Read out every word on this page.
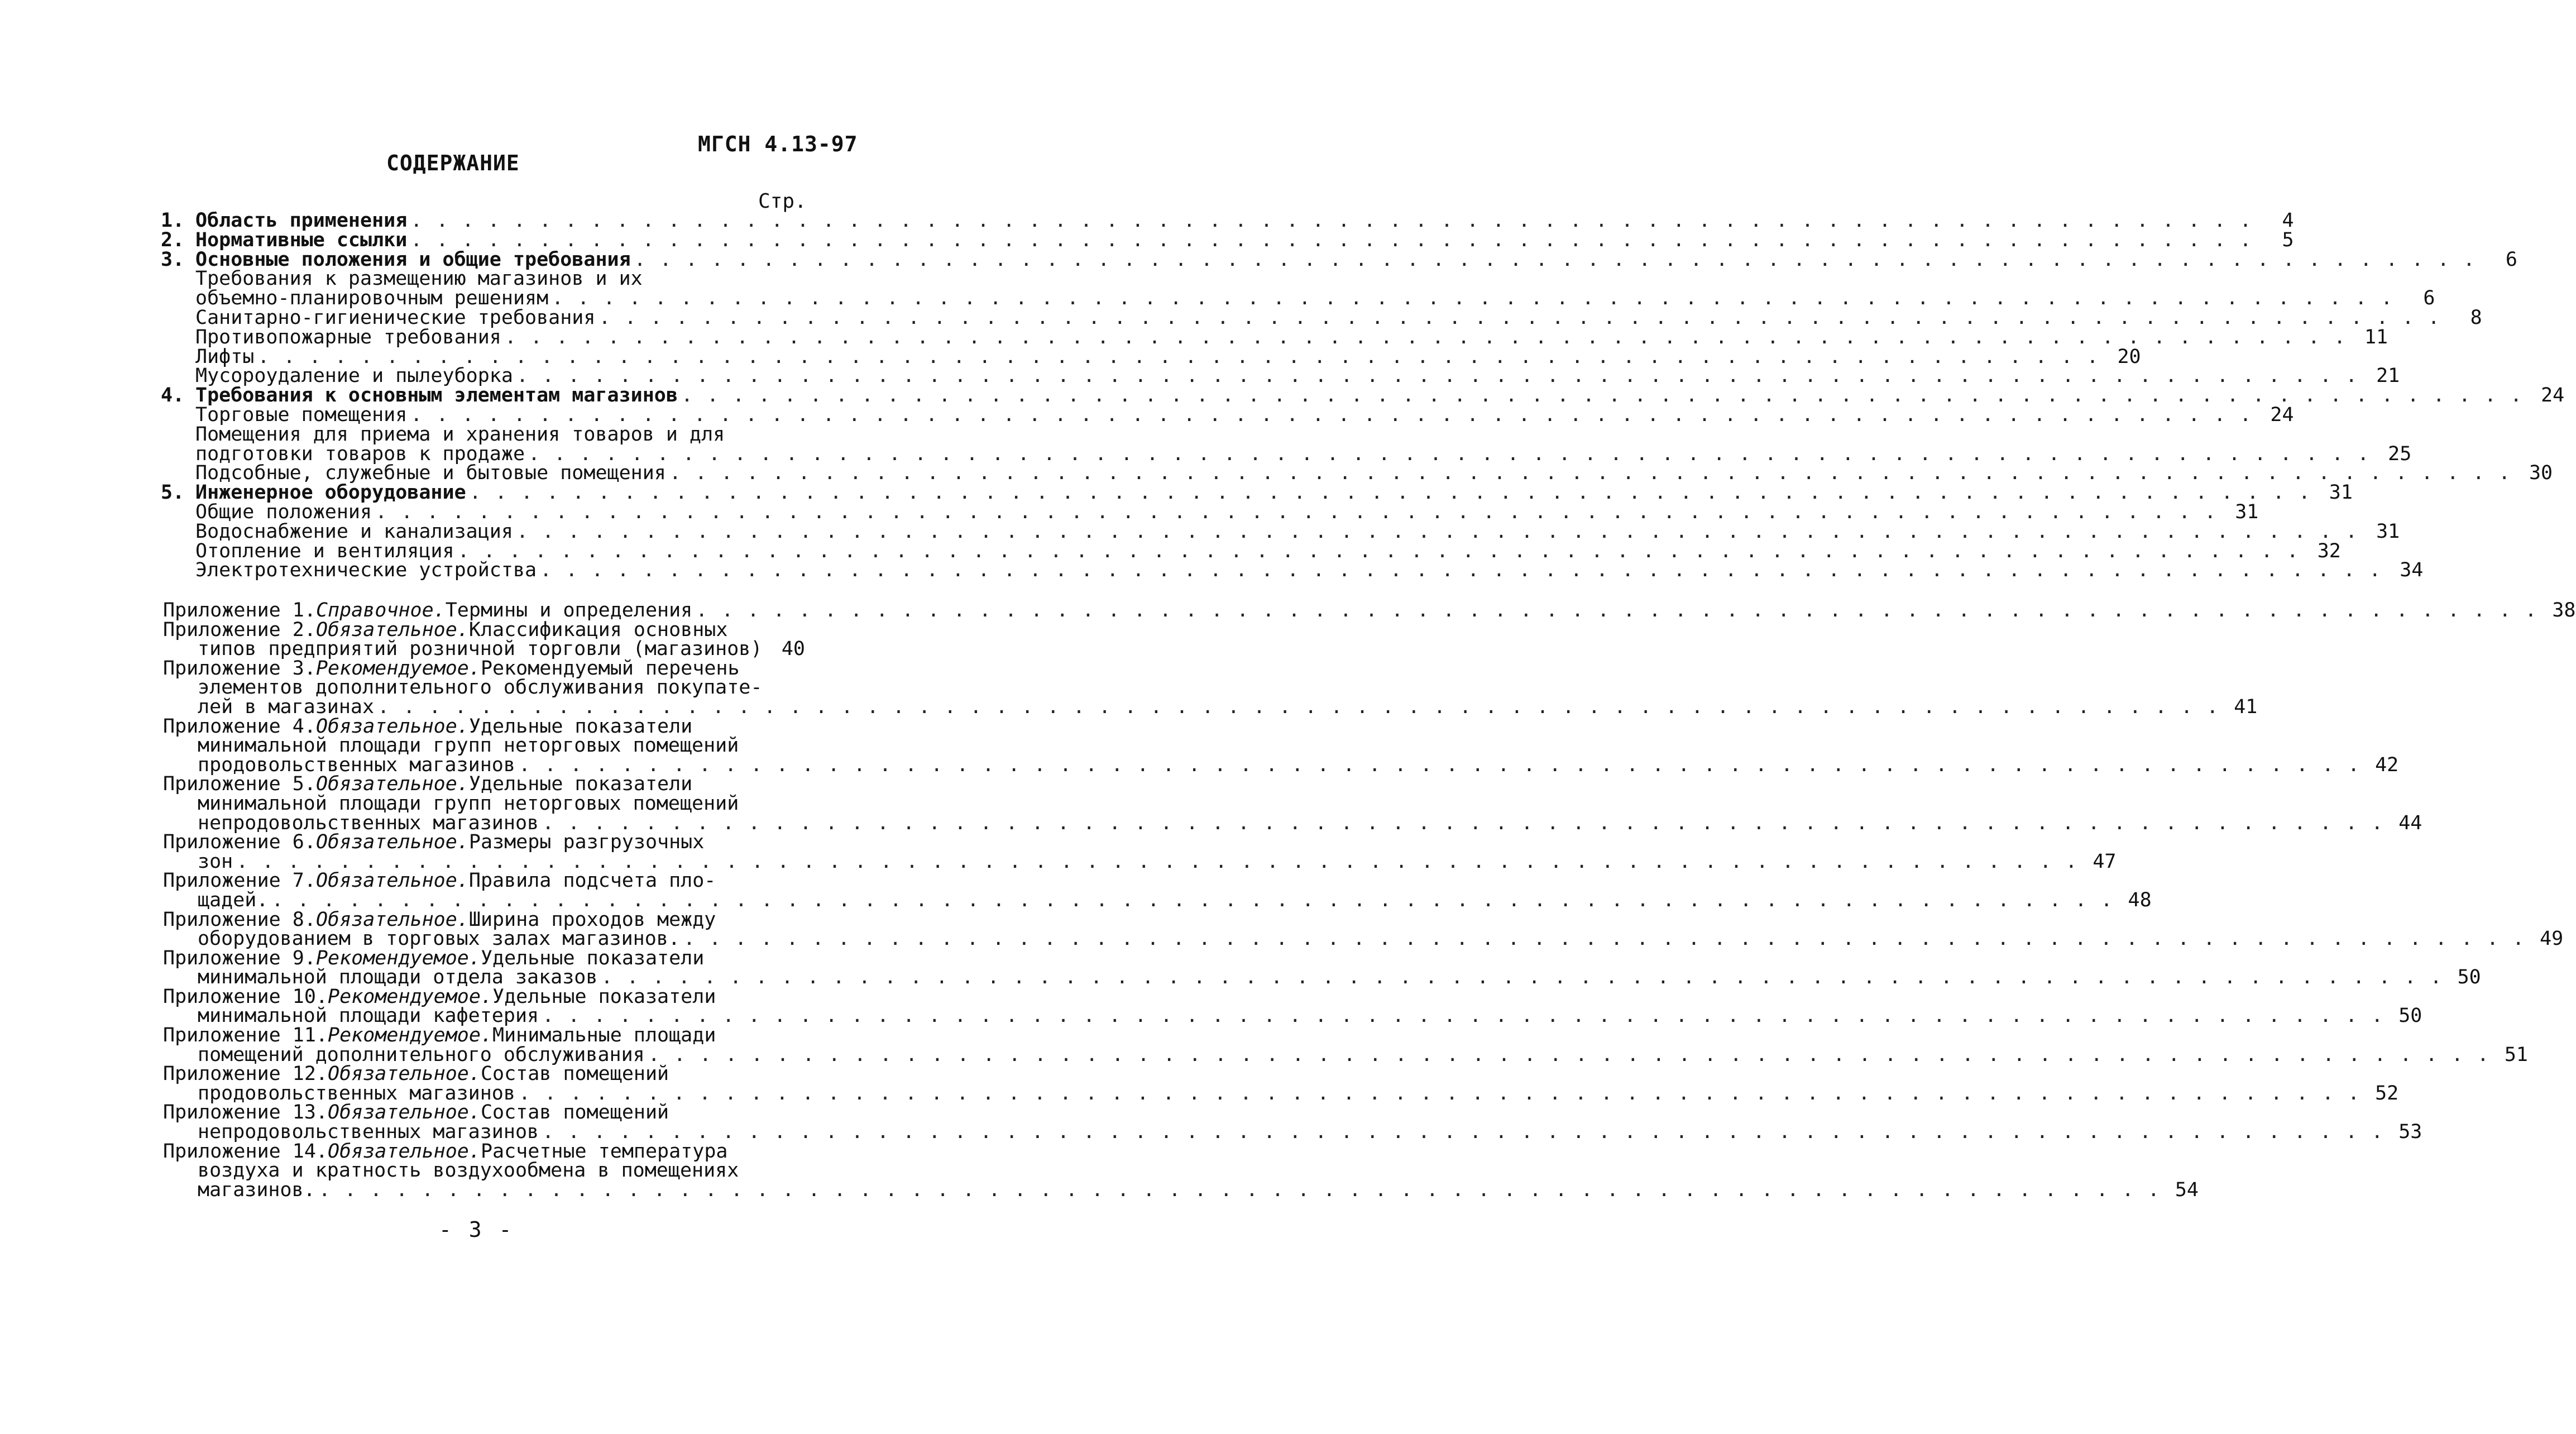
МГСН 4.13-97
СОДЕРЖАНИЕ
Стр.
1. Область применения . . . . . . . . . . . . . . . . . . . . . . . . . . . . . . . . . . . . . . . . . . . . . . . . . . . . . . . . . . . . . . . . . . . . . . . .	4
2. Нормативные ссылки . . . . . . . . . . . . . . . . . . . . . . . . . . . . . . . . . . . . . . . . . . . . . . . . . . . . . . . . . . . . . . . . . . . . . . . .	5
3. Основные положения и общие требования . . . . . . . . . . . . . . . . . . . . . . . . . . . . . . . . . . . . . . . . . . . . . . . . . . . . . . . . . . . . . . . . . . . . . . . .	6
Требования к размещению магазинов и их
объемно-планировочным решениям . . . . . . . . . . . . . . . . . . . . . . . . . . . . . . . . . . . . . . . . . . . . . . . . . . . . . . . . . . . . . . . . . . . . . . . .	6
Санитарно-гигиенические требования . . . . . . . . . . . . . . . . . . . . . . . . . . . . . . . . . . . . . . . . . . . . . . . . . . . . . . . . . . . . . . . . . . . . . . . .	8
Противопожарные требования . . . . . . . . . . . . . . . . . . . . . . . . . . . . . . . . . . . . . . . . . . . . . . . . . . . . . . . . . . . . . . . . . . . . . . . . 11
Лифты . . . . . . . . . . . . . . . . . . . . . . . . . . . . . . . . . . . . . . . . . . . . . . . . . . . . . . . . . . . . . . . . . . . . . . . . 20
Мусороудаление и пылеуборка . . . . . . . . . . . . . . . . . . . . . . . . . . . . . . . . . . . . . . . . . . . . . . . . . . . . . . . . . . . . . . . . . . . . . . . . 21
4. Требования к основным элементам магазинов . . . . . . . . . . . . . . . . . . . . . . . . . . . . . . . . . . . . . . . . . . . . . . . . . . . . . . . . . . . . . . . . . . . . . . . . 24
Торговые помещения . . . . . . . . . . . . . . . . . . . . . . . . . . . . . . . . . . . . . . . . . . . . . . . . . . . . . . . . . . . . . . . . . . . . . . . . 24
Помещения для приема и хранения товаров и для
подготовки товаров к продаже . . . . . . . . . . . . . . . . . . . . . . . . . . . . . . . . . . . . . . . . . . . . . . . . . . . . . . . . . . . . . . . . . . . . . . . . 25
Подсобные, служебные и бытовые помещения . . . . . . . . . . . . . . . . . . . . . . . . . . . . . . . . . . . . . . . . . . . . . . . . . . . . . . . . . . . . . . . . . . . . . . . . 30
5. Инженерное оборудование . . . . . . . . . . . . . . . . . . . . . . . . . . . . . . . . . . . . . . . . . . . . . . . . . . . . . . . . . . . . . . . . . . . . . . . . 31
Общие положения . . . . . . . . . . . . . . . . . . . . . . . . . . . . . . . . . . . . . . . . . . . . . . . . . . . . . . . . . . . . . . . . . . . . . . . . 31
Водоснабжение и канализация . . . . . . . . . . . . . . . . . . . . . . . . . . . . . . . . . . . . . . . . . . . . . . . . . . . . . . . . . . . . . . . . . . . . . . . . 31
Отопление и вентиляция . . . . . . . . . . . . . . . . . . . . . . . . . . . . . . . . . . . . . . . . . . . . . . . . . . . . . . . . . . . . . . . . . . . . . . . . 32
Электротехнические устройства . . . . . . . . . . . . . . . . . . . . . . . . . . . . . . . . . . . . . . . . . . . . . . . . . . . . . . . . . . . . . . . . . . . . . . . . 34
Приложение 1. Справочное. Термины и определения . . . . . . . . . . . . . . . . . . . . . . . . . . . . . . . . . . . . . . . . . . . . . . . . . . . . . . . . . . . . . . . . . . . . . . . . 38
Приложение 2. Обязательное. Классификация основных
типов предприятий розничной торговли (магазинов) 40
Приложение 3. Рекомендуемое. Рекомендуемый перечень
элементов дополнительного обслуживания покупате-
лей в магазинах . . . . . . . . . . . . . . . . . . . . . . . . . . . . . . . . . . . . . . . . . . . . . . . . . . . . . . . . . . . . . . . . . . . . . . . . 41
Приложение 4. Обязательное. Удельные показатели
минимальной площади групп неторговых помещений
продовольственных магазинов . . . . . . . . . . . . . . . . . . . . . . . . . . . . . . . . . . . . . . . . . . . . . . . . . . . . . . . . . . . . . . . . . . . . . . . . 42
Приложение 5. Обязательное. Удельные показатели
минимальной площади групп неторговых помещений
непродовольственных магазинов . . . . . . . . . . . . . . . . . . . . . . . . . . . . . . . . . . . . . . . . . . . . . . . . . . . . . . . . . . . . . . . . . . . . . . . . 44
Приложение 6. Обязательное. Размеры разгрузочных
зон . . . . . . . . . . . . . . . . . . . . . . . . . . . . . . . . . . . . . . . . . . . . . . . . . . . . . . . . . . . . . . . . . . . . . . . . 47
Приложение 7. Обязательное. Правила подсчета пло-
щадей. . . . . . . . . . . . . . . . . . . . . . . . . . . . . . . . . . . . . . . . . . . . . . . . . . . . . . . . . . . . . . . . . . . . . . . . . 48
Приложение 8. Обязательное. Ширина проходов между
оборудованием в торговых залах магазинов. . . . . . . . . . . . . . . . . . . . . . . . . . . . . . . . . . . . . . . . . . . . . . . . . . . . . . . . . . . . . . . . . . . . . . . . . 49
Приложение 9. Рекомендуемое. Удельные показатели
минимальной площади отдела заказов . . . . . . . . . . . . . . . . . . . . . . . . . . . . . . . . . . . . . . . . . . . . . . . . . . . . . . . . . . . . . . . . . . . . . . . . 50
Приложение 10. Рекомендуемое. Удельные показатели
минимальной площади кафетерия . . . . . . . . . . . . . . . . . . . . . . . . . . . . . . . . . . . . . . . . . . . . . . . . . . . . . . . . . . . . . . . . . . . . . . . . 50
Приложение 11. Рекомендуемое. Минимальные площади
помещений дополнительного обслуживания . . . . . . . . . . . . . . . . . . . . . . . . . . . . . . . . . . . . . . . . . . . . . . . . . . . . . . . . . . . . . . . . . . . . . . . . 51
Приложение 12. Обязательное. Состав помещений
продовольственных магазинов . . . . . . . . . . . . . . . . . . . . . . . . . . . . . . . . . . . . . . . . . . . . . . . . . . . . . . . . . . . . . . . . . . . . . . . . 52
Приложение 13. Обязательное. Состав помещений
непродовольственных магазинов . . . . . . . . . . . . . . . . . . . . . . . . . . . . . . . . . . . . . . . . . . . . . . . . . . . . . . . . . . . . . . . . . . . . . . . . 53
Приложение 14. Обязательное. Расчетные температура
воздуха и кратность воздухообмена в помещениях
магазинов. . . . . . . . . . . . . . . . . . . . . . . . . . . . . . . . . . . . . . . . . . . . . . . . . . . . . . . . . . . . . . . . . . . . . . . . . 54
- 3 -
